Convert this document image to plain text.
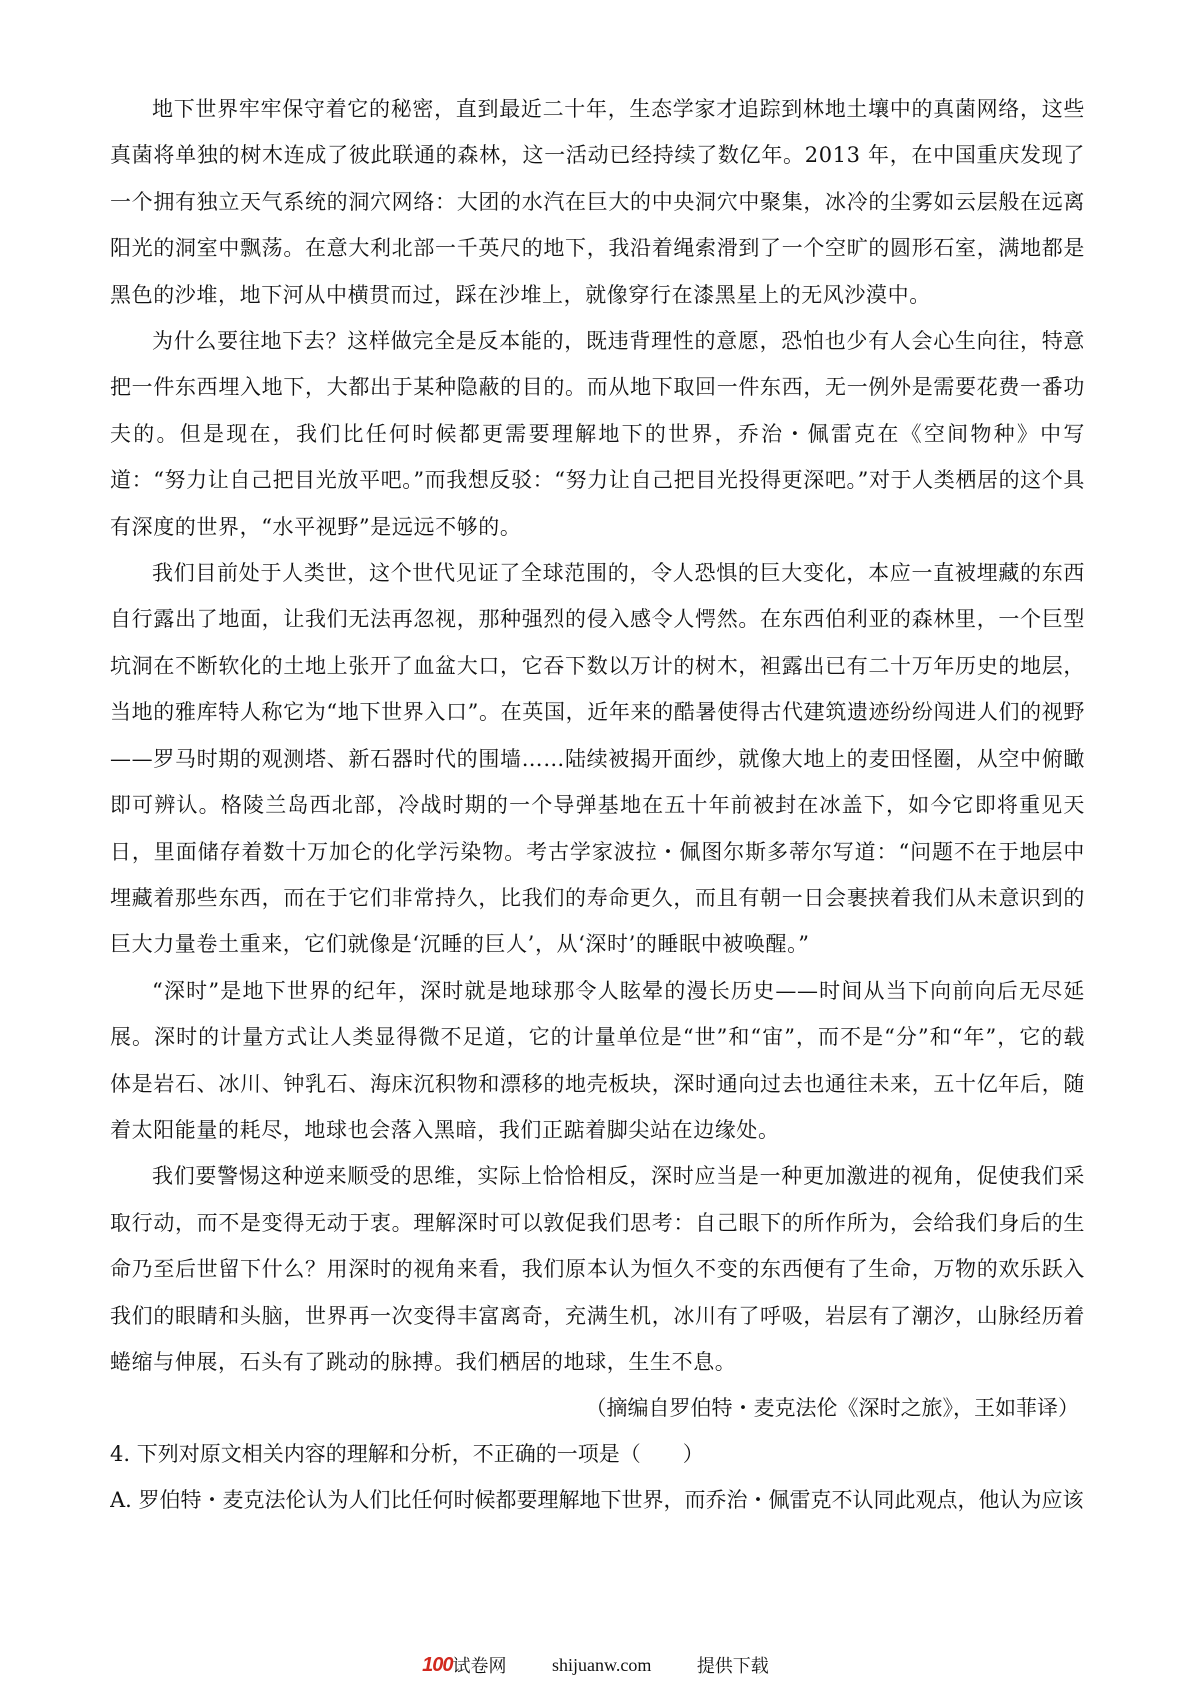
地下世界牢牢保守着它的秘密，直到最近二十年，生态学家才追踪到林地土壤中的真菌网络，这些真菌将单独的树木连成了彼此联通的森林，这一活动已经持续了数亿年。2013 年，在中国重庆发现了一个拥有独立天气系统的洞穴网络：大团的水汽在巨大的中央洞穴中聚集，冰冷的尘雾如云层般在远离阳光的洞室中飘荡。在意大利北部一千英尺的地下，我沿着绳索滑到了一个空旷的圆形石室，满地都是黑色的沙堆，地下河从中横贯而过，踩在沙堆上，就像穿行在漆黑星上的无风沙漠中。

为什么要往地下去？这样做完全是反本能的，既违背理性的意愿，恐怕也少有人会心生向往，特意把一件东西埋入地下，大都出于某种隐蔽的目的。而从地下取回一件东西，无一例外是需要花费一番功夫的。但是现在，我们比任何时候都更需要理解地下的世界，乔治・佩雷克在《空间物种》中写道：“努力让自己把目光放平吧。”而我想反驳：“努力让自己把目光投得更深吧。”对于人类栖居的这个具有深度的世界，“水平视野”是远远不够的。

我们目前处于人类世，这个世代见证了全球范围的，令人恐惧的巨大变化，本应一直被埋藏的东西自行露出了地面，让我们无法再忽视，那种强烈的侵入感令人愕然。在东西伯利亚的森林里，一个巨型坑洞在不断软化的土地上张开了血盆大口，它吞下数以万计的树木，袒露出已有二十万年历史的地层，当地的雅库特人称它为“地下世界入口”。在英国，近年来的酷暑使得古代建筑遗迹纷纷闯进人们的视野——罗马时期的观测塔、新石器时代的围墙……陆续被揭开面纱，就像大地上的麦田怪圈，从空中俯瞰即可辨认。格陵兰岛西北部，冷战时期的一个导弹基地在五十年前被封在冰盖下，如今它即将重见天日，里面储存着数十万加仑的化学污染物。考古学家波拉・佩图尔斯多蒂尔写道：“问题不在于地层中埋藏着那些东西，而在于它们非常持久，比我们的寿命更久，而且有朝一日会裹挟着我们从未意识到的巨大力量卷土重来，它们就像是‘沉睡的巨人’，从‘深时’的睡眠中被唤醒。”

“深时”是地下世界的纪年，深时就是地球那令人眩晕的漫长历史——时间从当下向前向后无尽延展。深时的计量方式让人类显得微不足道，它的计量单位是“世”和“宙”，而不是“分”和“年”，它的载体是岩石、冰川、钟乳石、海床沉积物和漂移的地壳板块，深时通向过去也通往未来，五十亿年后，随着太阳能量的耗尽，地球也会落入黑暗，我们正踮着脚尖站在边缘处。

我们要警惕这种逆来顺受的思维，实际上恰恰相反，深时应当是一种更加激进的视角，促使我们采取行动，而不是变得无动于衷。理解深时可以敦促我们思考：自己眼下的所作所为，会给我们身后的生命乃至后世留下什么？用深时的视角来看，我们原本认为恒久不变的东西便有了生命，万物的欢乐跃入我们的眼睛和头脑，世界再一次变得丰富离奇，充满生机，冰川有了呼吸，岩层有了潮汐，山脉经历着蜷缩与伸展，石头有了跳动的脉搏。我们栖居的地球，生生不息。

（摘编自罗伯特・麦克法伦《深时之旅》，王如菲译）

4. 下列对原文相关内容的理解和分析，不正确的一项是（　　）

A. 罗伯特・麦克法伦认为人们比任何时候都要理解地下世界，而乔治・佩雷克不认同此观点，他认为应该

100试卷网	shijuanw.com	提供下载
